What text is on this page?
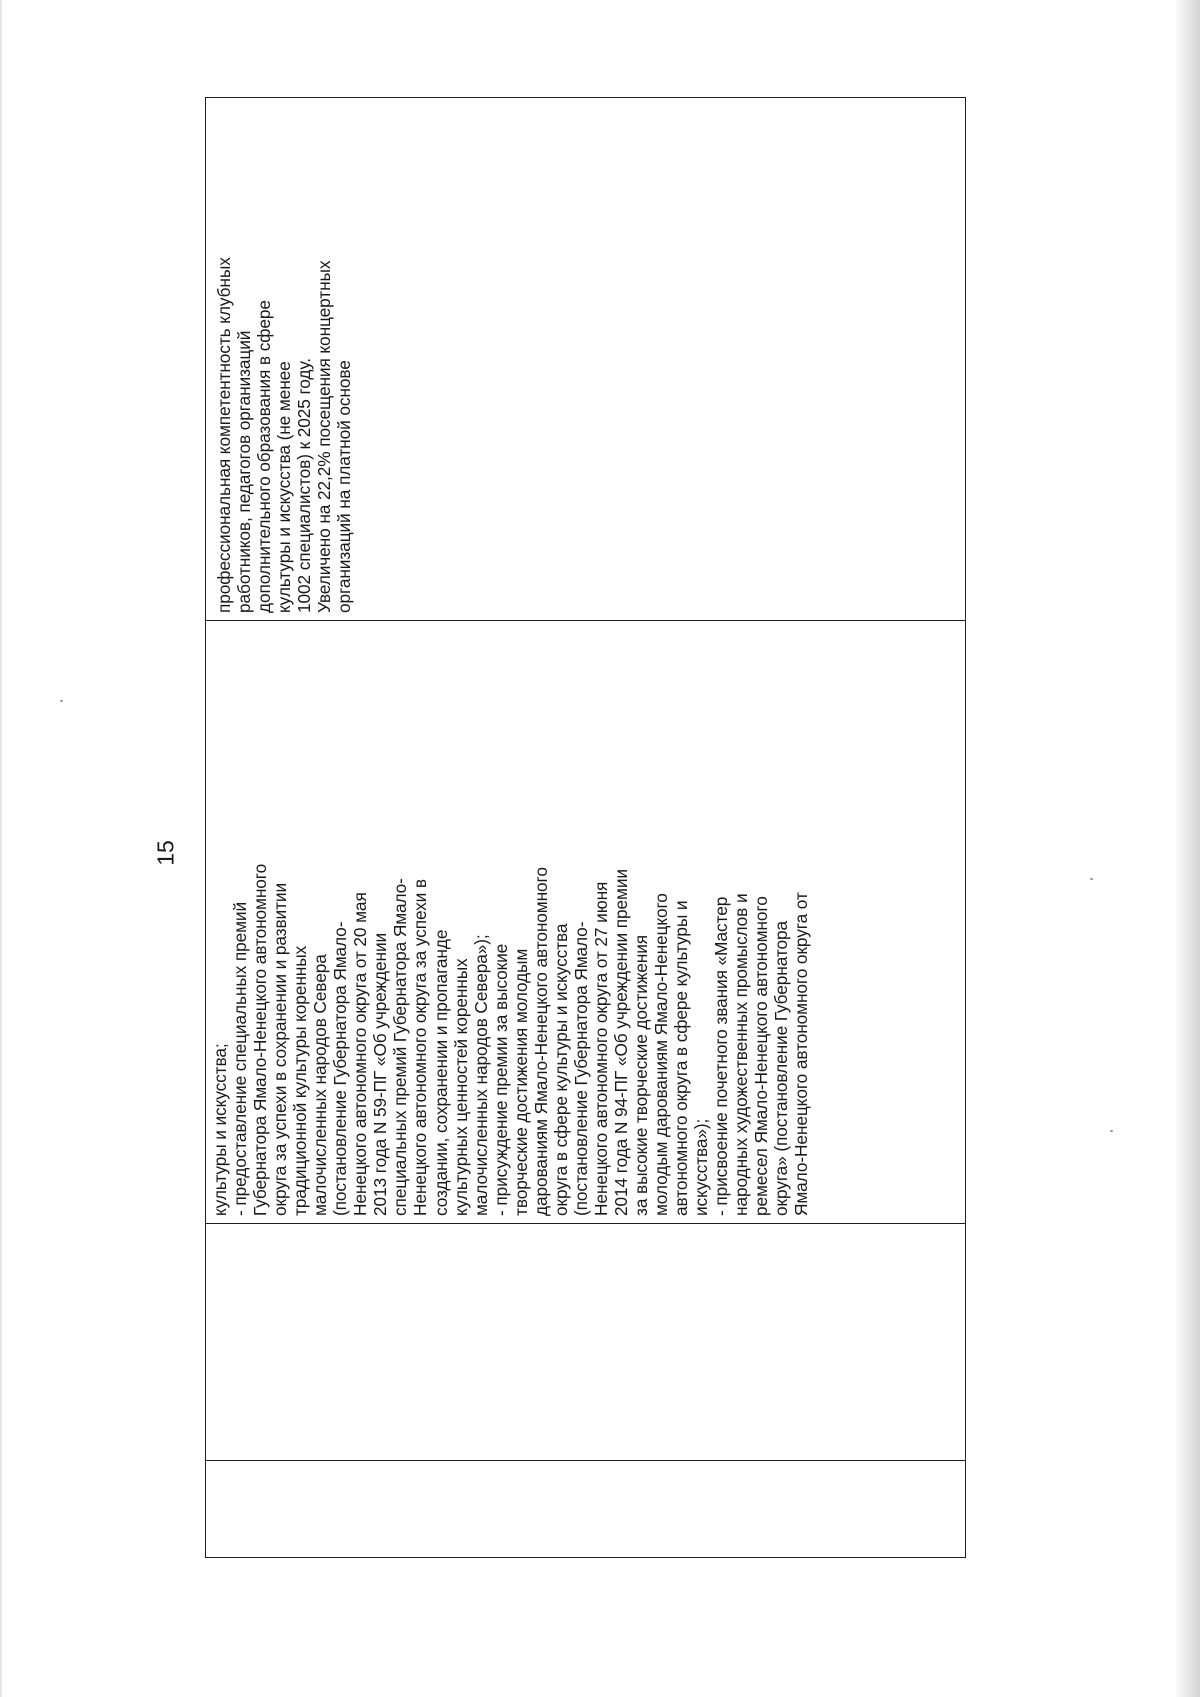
15
культуры и искусства; - предоставление специальных премий Губернатора Ямало-Ненецкого автономного округа за успехи в сохранении и развитии традиционной культуры коренных малочисленных народов Севера (постановление Губернатора Ямало- Ненецкого автономного округа от 20 мая 2013 года N 59-ПГ «Об учреждении специальных премий Губернатора Ямало- Ненецкого автономного округа за успехи в создании, сохранении и пропаганде культурных ценностей коренных малочисленных народов Севера»); - присуждение премии за высокие творческие достижения молодым дарованиям Ямало-Ненецкого автономного округа в сфере культуры и искусства (постановление Губернатора Ямало- Ненецкого автономного округа от 27 июня 2014 года N 94-ПГ «Об учреждении премии за высокие творческие достижения молодым дарованиям Ямало-Ненецкого автономного округа в сфере культуры и искусства»); - присвоение почетного звания «Мастер народных художественных промыслов и ремесел Ямало-Ненецкого автономного округа» (постановление Губернатора Ямало-Ненецкого автономного округа от
профессиональная компетентность клубных работников, педагогов организаций дополнительного образования в сфере культуры и искусства (не менее 1002 специалистов) к 2025 году. Увеличено на 22,2% посещения концертных организаций на платной основе
